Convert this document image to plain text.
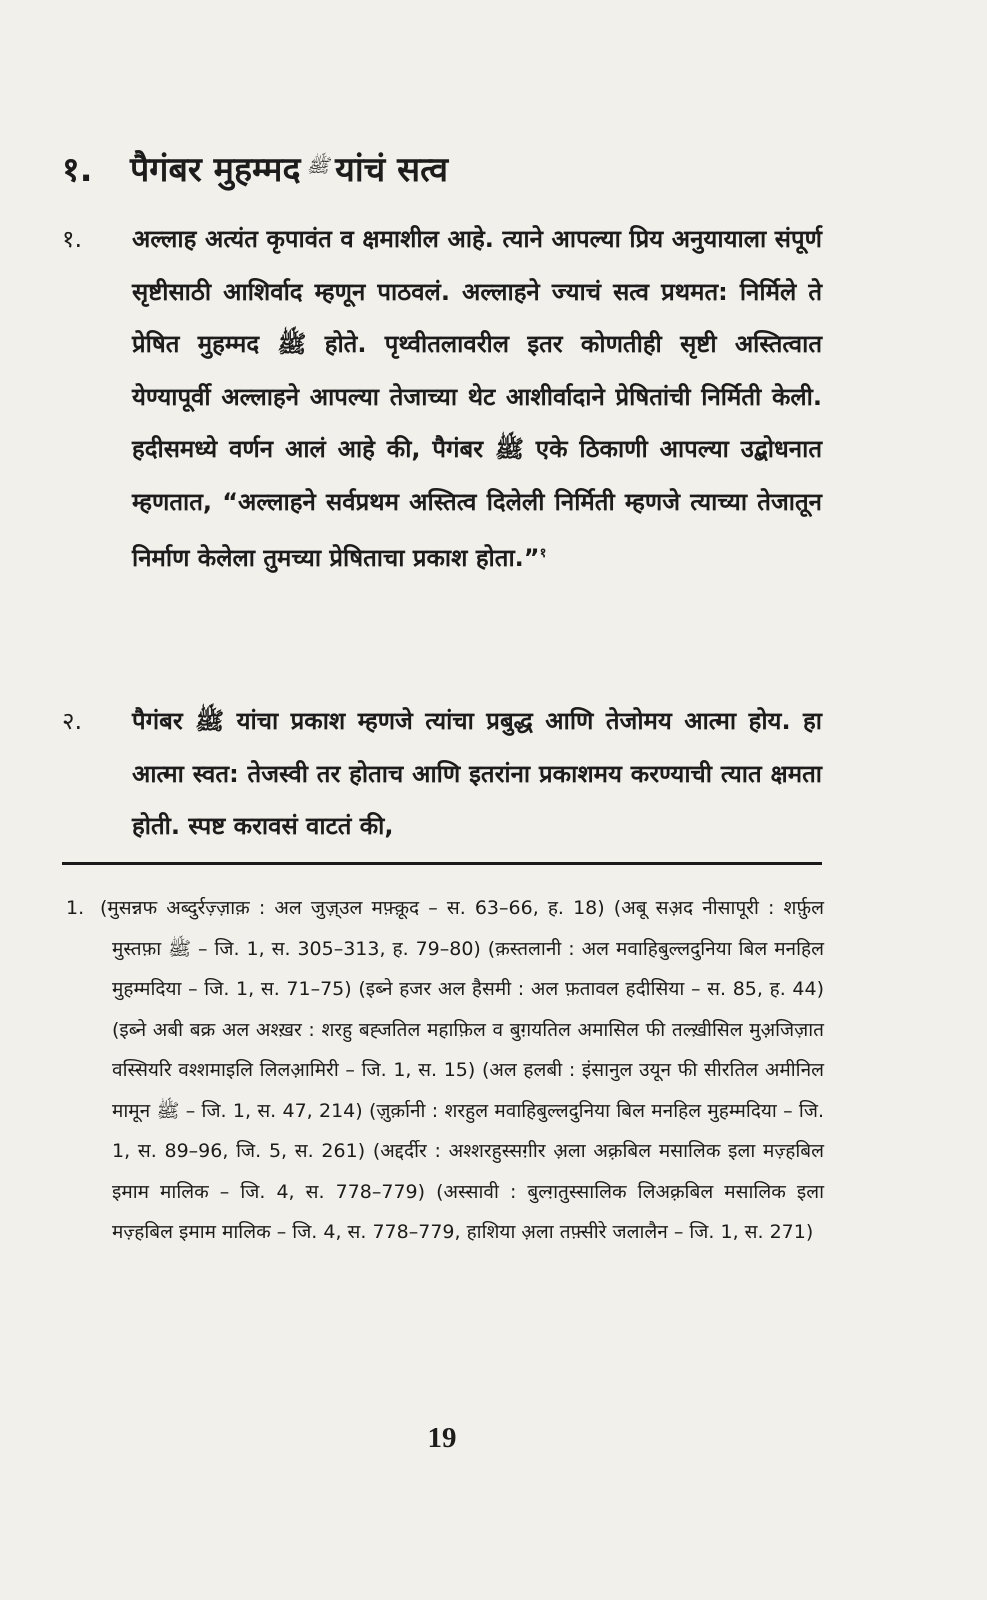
१.	पैगंबर मुहम्मद ﷺ यांचं सत्व
१.	अल्लाह अत्यंत कृपावंत व क्षमाशील आहे. त्याने आपल्या प्रिय अनुयायाला संपूर्ण सृष्टीसाठी आशिर्वाद म्हणून पाठवलं. अल्लाहने ज्याचं सत्व प्रथमत: निर्मिले ते प्रेषित मुहम्मद ﷺ होते. पृथ्वीतलावरील इतर कोणतीही सृष्टी अस्तित्वात येण्यापूर्वी अल्लाहने आपल्या तेजाच्या थेट आशीर्वादाने प्रेषितांची निर्मिती केली. हदीसमध्ये वर्णन आलं आहे की, पैगंबर ﷺ एके ठिकाणी आपल्या उद्बोधनात म्हणतात, “अल्लाहने सर्वप्रथम अस्तित्व दिलेली निर्मिती म्हणजे त्याच्या तेजातून निर्माण केलेला तुमच्या प्रेषिताचा प्रकाश होता.”$^१$
२.	पैगंबर ﷺ यांचा प्रकाश म्हणजे त्यांचा प्रबुद्ध आणि तेजोमय आत्मा होय. हा आत्मा स्वत: तेजस्वी तर होताच आणि इतरांना प्रकाशमय करण्याची त्यात क्षमता होती. स्पष्ट करावसं वाटतं की,
1. (मुसन्नफ अब्दुर्रज़्ज़ाक़ : अल जुज़्उल मफ़्क़ूद – स. 63–66, ह. 18) (अबू सअ़द नीसापूरी : शर्फ़ुल मुस्तफ़ा ﷺ – जि. 1, स. 305–313, ह. 79–80) (क़स्तलानी : अल मवाहिबुल्लदुनिया बिल मनहिल मुहम्मदिया – जि. 1, स. 71–75) (इब्ने हजर अल हैसमी : अल फ़तावल हदीसिया – स. 85, ह. 44) (इब्ने अबी बक्र अल अश्ख़र : शरहु बह्जतिल महाफ़िल व बुग़यतिल अमासिल फी तल्ख़ीसिल मुअ़जिज़ात वस्सियरि वश्शमाइलि लिलआ़मिरी – जि. 1, स. 15) (अल हलबी : इंसानुल उयून फी सीरतिल अमीनिल मामून ﷺ – जि. 1, स. 47, 214) (ज़ुर्क़ानी : शरहुल मवाहिबुल्लदुनिया बिल मनहिल मुहम्मदिया – जि. 1, स. 89–96, जि. 5, स. 261) (अद्दर्दीर : अश्शरहुस्सग़ीर अ़ला अक़्रबिल मसालिक इला मज़्हबिल इमाम मालिक – जि. 4, स. 778–779) (अस्सावी : बुल्ग़तुस्सालिक लिअक़्रबिल मसालिक इला मज़्हबिल इमाम मालिक – जि. 4, स. 778–779, हाशिया अ़ला तफ़्सीरे जलालैन – जि. 1, स. 271)
19
